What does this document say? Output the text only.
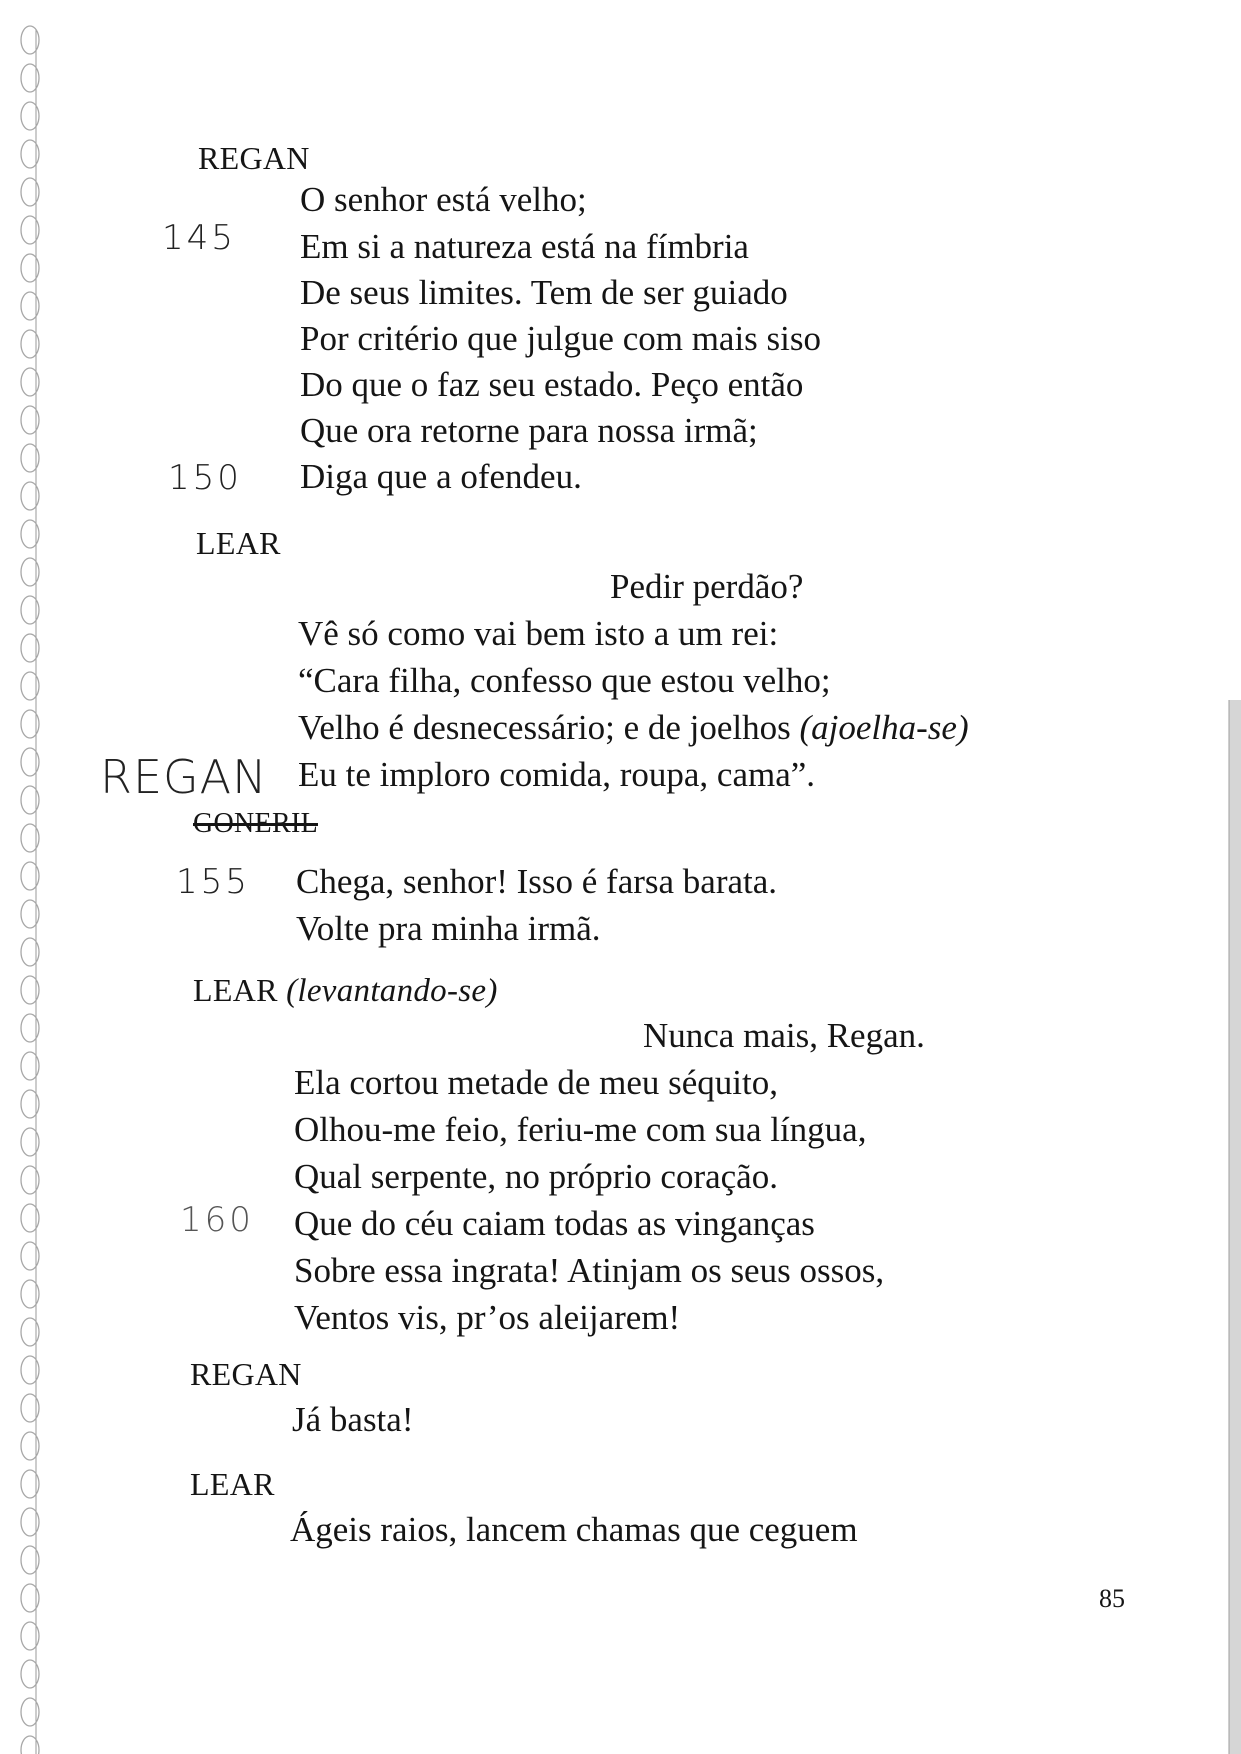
REGAN
145
O senhor está velho;
Em si a natureza está na fímbria
De seus limites. Tem de ser guiado
Por critério que julgue com mais siso
Do que o faz seu estado. Peço então
Que ora retorne para nossa irmã;
150 Diga que a ofendeu.
LEAR
Pedir perdão?
Vê só como vai bem isto a um rei:
“Cara filha, confesso que estou velho;
Velho é desnecessário; e de joelhos (ajoelha-se)
REGAN Eu te imploro comida, roupa, cama”.
GONERIL
155 Chega, senhor! Isso é farsa barata.
Volte pra minha irmã.
LEAR (levantando-se)
Nunca mais, Regan.
Ela cortou metade de meu séquito,
Olhou-me feio, feriu-me com sua língua,
Qual serpente, no próprio coração.
160 Que do céu caiam todas as vinganças
Sobre essa ingrata! Atinjam os seus ossos,
Ventos vis, pr’os aleijarem!
REGAN
Já basta!
LEAR
Ágeis raios, lancem chamas que ceguem
85
